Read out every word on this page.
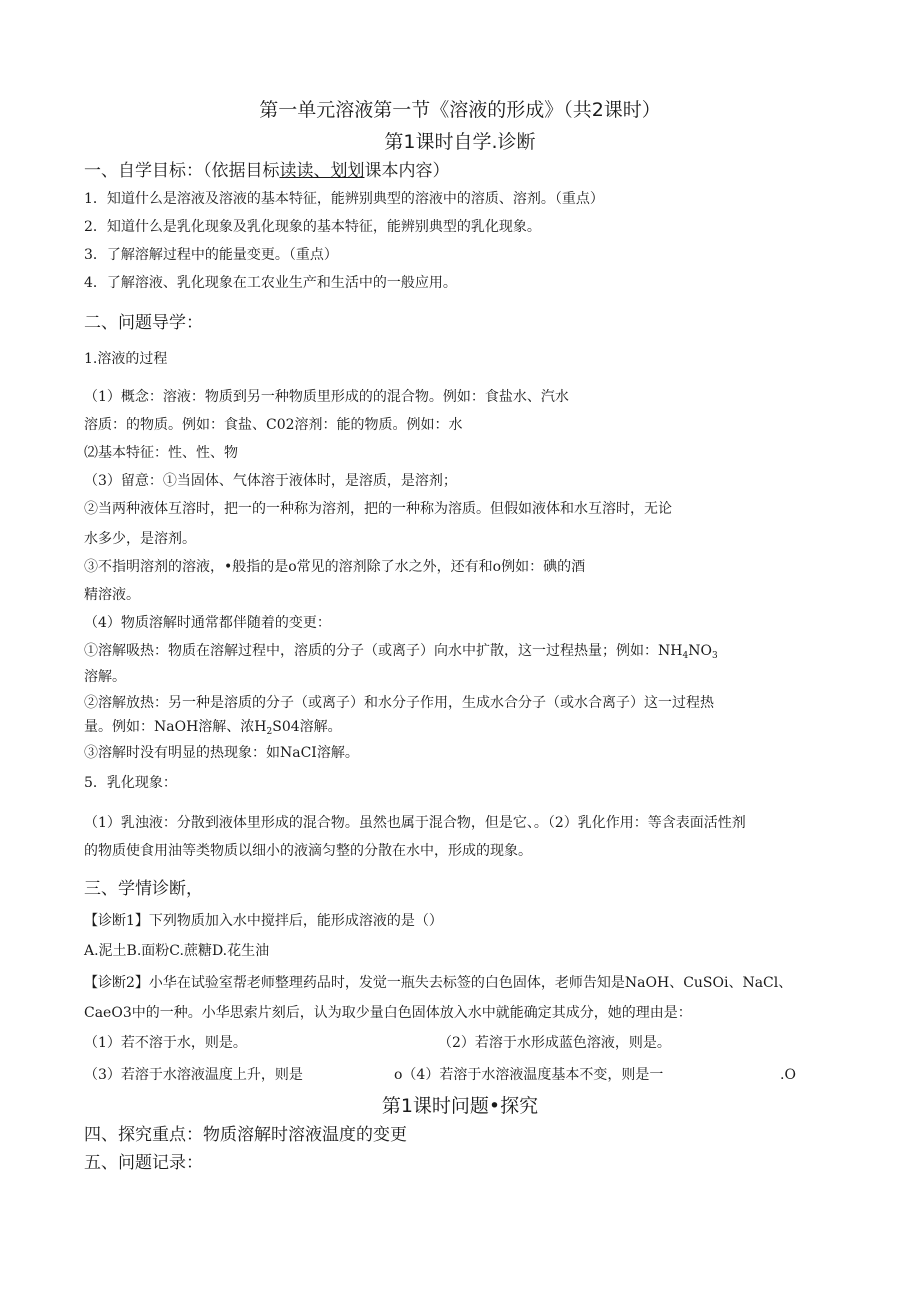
第一单元溶液第一节《溶液的形成》（共2课时）
第1课时自学.诊断
一、自学目标：（依据目标读读、划划课本内容）
1．知道什么是溶液及溶液的基本特征，能辨别典型的溶液中的溶质、溶剂。（重点）
2．知道什么是乳化现象及乳化现象的基本特征，能辨别典型的乳化现象。
3．了解溶解过程中的能量变更。（重点）
4．了解溶液、乳化现象在工农业生产和生活中的一般应用。
二、问题导学：
1.溶液的过程
（1）概念：溶液：物质到另一种物质里形成的的混合物。例如：食盐水、汽水
溶质：的物质。例如：食盐、C02溶剂：能的物质。例如：水
⑵基本特征：性、性、物
（3）留意：①当固体、气体溶于液体时，是溶质，是溶剂；
②当两种液体互溶时，把一的一种称为溶剂，把的一种称为溶质。但假如液体和水互溶时，无论
水多少，是溶剂。
③不指明溶剂的溶液，•般指的是o常见的溶剂除了水之外，还有和o例如：碘的酒
精溶液。
（4）物质溶解时通常都伴随着的变更：
①溶解吸热：物质在溶解过程中，溶质的分子（或离子）向水中扩散，这一过程热量；例如：$NH_4NO_3$
溶解。
②溶解放热：另一种是溶质的分子（或离子）和水分子作用，生成水合分子（或水合离子）这一过程热
量。例如：NaOH溶解、浓$H_2S04$溶解。
③溶解时没有明显的热现象：如NaCI溶解。
5．乳化现象：
（1）乳浊液：分散到液体里形成的混合物。虽然也属于混合物，但是它、。（2）乳化作用：等含表面活性剂
的物质使食用油等类物质以细小的液滴匀整的分散在水中，形成的现象。
三、学情诊断，
【诊断1】下列物质加入水中搅拌后，能形成溶液的是（）
A.泥土B.面粉C.蔗糖D.花生油
【诊断2】小华在试验室帮老师整理药品时，发觉一瓶失去标签的白色固体，老师告知是NaOH、CuSOi、NaCl、
CaeO3中的一种。小华思索片刻后，认为取少量白色固体放入水中就能确定其成分，她的理由是：
（1）若不溶于水，则是。	（2）若溶于水形成蓝色溶液，则是。
（3）若溶于水溶液温度上升，则是	o（4）若溶于水溶液温度基本不变，则是一	.O
第1课时问题•探究
四、探究重点：物质溶解时溶液温度的变更
五、问题记录：
